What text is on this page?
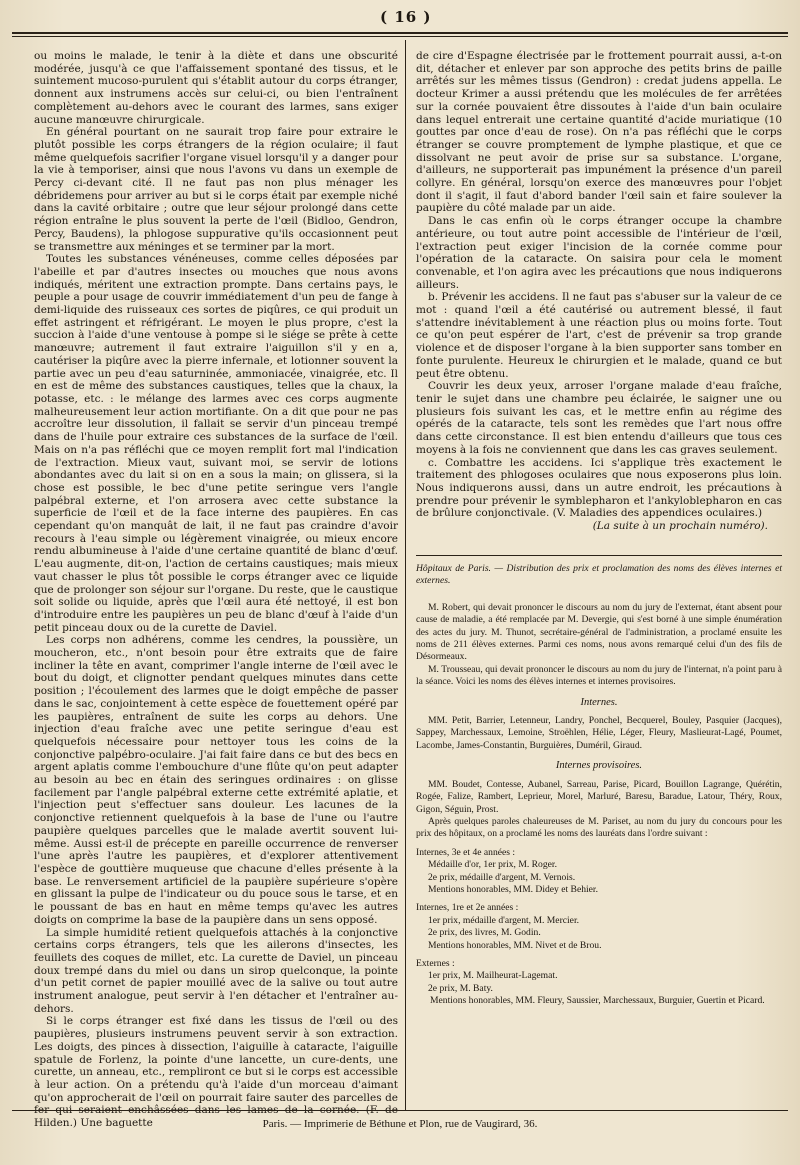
( 16 )

ou moins le malade, le tenir à la diète et dans une obscurité modérée, jusqu'à ce que l'affaissement spontané des tissus, et le suintement mucoso-purulent qui s'établit autour du corps étranger, donnent aux instrumens accès sur celui-ci, ou bien l'entraînent complètement au-dehors avec le courant des larmes, sans exiger aucune manœuvre chirurgicale.

En général pourtant on ne saurait trop faire pour extraire le plutôt possible les corps étrangers de la région oculaire; il faut même quelquefois sacrifier l'organe visuel lorsqu'il y a danger pour la vie à temporiser, ainsi que nous l'avons vu dans un exemple de Percy ci-devant cité. Il ne faut pas non plus ménager les débridemens pour arriver au but si le corps était par exemple niché dans la cavité orbitaire ; outre que leur séjour prolongé dans cette région entraîne le plus souvent la perte de l'œil (Bidloo, Gendron, Percy, Baudens), la phlogose suppurative qu'ils occasionnent peut se transmettre aux méninges et se terminer par la mort.

Toutes les substances vénéneuses, comme celles déposées par l'abeille et par d'autres insectes ou mouches que nous avons indiqués, méritent une extraction prompte. Dans certains pays, le peuple a pour usage de couvrir immédiatement d'un peu de fange à demi-liquide des ruisseaux ces sortes de piqûres, ce qui produit un effet astringent et réfrigérant. Le moyen le plus propre, c'est la succion à l'aide d'une ventouse à pompe si le siége se prête à cette manœuvre; autrement il faut extraire l'aiguillon s'il y en a, cautériser la piqûre avec la pierre infernale, et lotionner souvent la partie avec un peu d'eau saturninée, ammoniacée, vinaigrée, etc. Il en est de même des substances caustiques, telles que la chaux, la potasse, etc. : le mélange des larmes avec ces corps augmente malheureusement leur action mortifiante. On a dit que pour ne pas accroître leur dissolution, il fallait se servir d'un pinceau trempé dans de l'huile pour extraire ces substances de la surface de l'œil. Mais on n'a pas réfléchi que ce moyen remplit fort mal l'indication de l'extraction. Mieux vaut, suivant moi, se servir de lotions abondantes avec du lait si on en a sous la main; on glissera, si la chose est possible, le bec d'une petite seringue vers l'angle palpébral externe, et l'on arrosera avec cette substance la superficie de l'œil et de la face interne des paupières. En cas cependant qu'on manquât de lait, il ne faut pas craindre d'avoir recours à l'eau simple ou légèrement vinaigrée, ou mieux encore rendu albumineuse à l'aide d'une certaine quantité de blanc d'œuf. L'eau augmente, dit-on, l'action de certains caustiques; mais mieux vaut chasser le plus tôt possible le corps étranger avec ce liquide que de prolonger son séjour sur l'organe. Du reste, que le caustique soit solide ou liquide, après que l'œil aura été nettoyé, il est bon d'introduire entre les paupières un peu de blanc d'œuf à l'aide d'un petit pinceau doux ou de la curette de Daviel.

Les corps non adhérens, comme les cendres, la poussière, un moucheron, etc., n'ont besoin pour être extraits que de faire incliner la tête en avant, comprimer l'angle interne de l'œil avec le bout du doigt, et clignotter pendant quelques minutes dans cette position ; l'écoulement des larmes que le doigt empêche de passer dans le sac, conjointement à cette espèce de fouettement opéré par les paupières, entraînent de suite les corps au dehors. Une injection d'eau fraîche avec une petite seringue d'eau est quelquefois nécessaire pour nettoyer tous les coins de la conjonctive palpébro-oculaire. J'ai fait faire dans ce but des becs en argent aplatis comme l'embouchure d'une flûte qu'on peut adapter au besoin au bec en étain des seringues ordinaires : on glisse facilement par l'angle palpébral externe cette extrémité aplatie, et l'injection peut s'effectuer sans douleur. Les lacunes de la conjonctive retiennent quelquefois à la base de l'une ou l'autre paupière quelques parcelles que le malade avertit souvent lui-même. Aussi est-il de précepte en pareille occurrence de renverser l'une après l'autre les paupières, et d'explorer attentivement l'espèce de gouttière muqueuse que chacune d'elles présente à la base. Le renversement artificiel de la paupière supérieure s'opère en glissant la pulpe de l'indicateur ou du pouce sous le tarse, et en le poussant de bas en haut en même temps qu'avec les autres doigts on comprime la base de la paupière dans un sens opposé.

La simple humidité retient quelquefois attachés à la conjonctive certains corps étrangers, tels que les ailerons d'insectes, les feuillets des coques de millet, etc. La curette de Daviel, un pinceau doux trempé dans du miel ou dans un sirop quelconque, la pointe d'un petit cornet de papier mouillé avec de la salive ou tout autre instrument analogue, peut servir à l'en détacher et l'entraîner au-dehors.

Si le corps étranger est fixé dans les tissus de l'œil ou des paupières, plusieurs instrumens peuvent servir à son extraction. Les doigts, des pinces à dissection, l'aiguille à cataracte, l'aiguille spatule de Forlenz, la pointe d'une lancette, un cure-dents, une curette, un anneau, etc., rempliront ce but si le corps est accessible à leur action. On a prétendu qu'à l'aide d'un morceau d'aimant qu'on approcherait de l'œil on pourrait faire sauter des parcelles de fer qui seraient enchâssées dans les lames de la cornée. (F. de Hilden.) Une baguette

de cire d'Espagne électrisée par le frottement pourrait aussi, a-t-on dit, détacher et enlever par son approche des petits brins de paille arrêtés sur les mêmes tissus (Gendron) : credat judens appella. Le docteur Krimer a aussi prétendu que les molécules de fer arrêtées sur la cornée pouvaient être dissoutes à l'aide d'un bain oculaire dans lequel entrerait une certaine quantité d'acide muriatique (10 gouttes par once d'eau de rose). On n'a pas réfléchi que le corps étranger se couvre promptement de lymphe plastique, et que ce dissolvant ne peut avoir de prise sur sa substance. L'organe, d'ailleurs, ne supporterait pas impunément la présence d'un pareil collyre. En général, lorsqu'on exerce des manœuvres pour l'objet dont il s'agit, il faut d'abord bander l'œil sain et faire soulever la paupière du côté malade par un aide.

Dans le cas enfin où le corps étranger occupe la chambre antérieure, ou tout autre point accessible de l'intérieur de l'œil, l'extraction peut exiger l'incision de la cornée comme pour l'opération de la cataracte. On saisira pour cela le moment convenable, et l'on agira avec les précautions que nous indiquerons ailleurs.

b. Prévenir les accidens. Il ne faut pas s'abuser sur la valeur de ce mot : quand l'œil a été cautérisé ou autrement blessé, il faut s'attendre inévitablement à une réaction plus ou moins forte. Tout ce qu'on peut espérer de l'art, c'est de prévenir sa trop grande violence et de disposer l'organe à la bien supporter sans tomber en fonte purulente. Heureux le chirurgien et le malade, quand ce but peut être obtenu.

Couvrir les deux yeux, arroser l'organe malade d'eau fraîche, tenir le sujet dans une chambre peu éclairée, le saigner une ou plusieurs fois suivant les cas, et le mettre enfin au régime des opérés de la cataracte, tels sont les remèdes que l'art nous offre dans cette circonstance. Il est bien entendu d'ailleurs que tous ces moyens à la fois ne conviennent que dans les cas graves seulement.

c. Combattre les accidens. Ici s'applique très exactement le traitement des phlogoses oculaires que nous exposerons plus loin. Nous indiquerons aussi, dans un autre endroit, les précautions à prendre pour prévenir le symblepharon et l'ankyloblepharon en cas de brûlure conjonctivale. (V. Maladies des appendices oculaires.)

(La suite à un prochain numéro).

Hôpitaux de Paris. — Distribution des prix et proclamation des noms des élèves internes et externes.

M. Robert, qui devait prononcer le discours au nom du jury de l'externat, étant absent pour cause de maladie, a été remplacée par M. Devergie, qui s'est borné à une simple énumération des actes du jury. M. Thunot, secrétaire-général de l'administration, a proclamé ensuite les noms de 211 élèves externes. Parmi ces noms, nous avons remarqué celui d'un des fils de Désormeaux.

M. Trousseau, qui devait prononcer le discours au nom du jury de l'internat, n'a point paru à la séance. Voici les noms des élèves internes et internes provisoires.

Internes.

MM. Petit, Barrier, Letenneur, Landry, Ponchel, Becquerel, Bouley, Pasquier (Jacques), Sappey, Marchessaux, Lemoine, Stroëhlen, Hélie, Léger, Fleury, Maslieurat-Lagé, Poumet, Lacombe, James-Constantin, Burguières, Duméril, Giraud.

Internes provisoires.

MM. Boudet, Contesse, Aubanel, Sarreau, Parise, Picard, Bouillon Lagrange, Quérétin, Rogée, Falize, Rambert, Leprieur, Morel, Marluré, Baresu, Baradue, Latour, Théry, Roux, Gigon, Séguin, Prost.

Après quelques paroles chaleureuses de M. Pariset, au nom du jury du concours pour les prix des hôpitaux, on a proclamé les noms des lauréats dans l'ordre suivant :

Internes, 3e et 4e années :

Médaille d'or, 1er prix, M. Roger.

2e prix, médaille d'argent, M. Vernois.

Mentions honorables, MM. Didey et Behier.

Internes, 1re et 2e années :

1er prix, médaille d'argent, M. Mercier.

2e prix, des livres, M. Godin.

Mentions honorables, MM. Nivet et de Brou.

Externes :

1er prix, M. Mailheurat-Lagemat.

2e prix, M. Baty.

Mentions honorables, MM. Fleury, Saussier, Marchessaux, Burguier, Guertin et Picard.

Paris. — Imprimerie de Béthune et Plon, rue de Vaugirard, 36.
